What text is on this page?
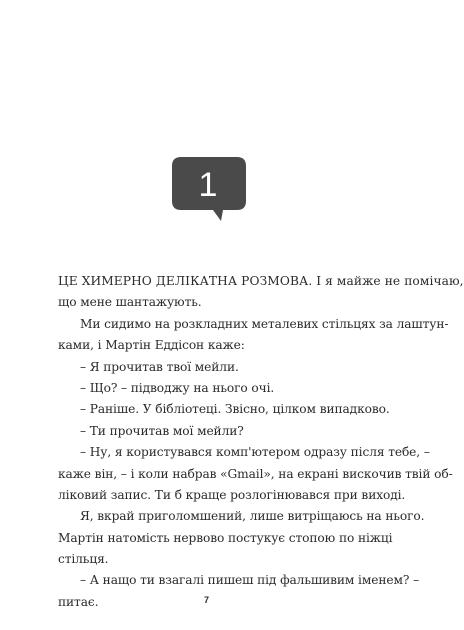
1
ЦЕ ХИМЕРНО ДЕЛІКАТНА РОЗМОВА. І я майже не помічаю,
що мене шантажують.
Ми сидимо на розкладних металевих стільцях за лаштун-
ками, і Мартін Еддісон каже:
– Я прочитав твої мейли.
– Що? – підводжу на нього очі.
– Раніше. У бібліотеці. Звісно, цілком випадково.
– Ти прочитав мої мейли?
– Ну, я користувався комп'ютером одразу після тебе, –
каже він, – і коли набрав «Gmail», на екрані вискочив твій об-
ліковий запис. Ти б краще розлогінювався при виході.
Я, вкрай приголомшений, лише витріщаюсь на нього.
Мартін натомість нервово постукує стопою по ніжці
стільця.
– А нащо ти взагалі пишеш під фальшивим іменем? –
питає.	7
